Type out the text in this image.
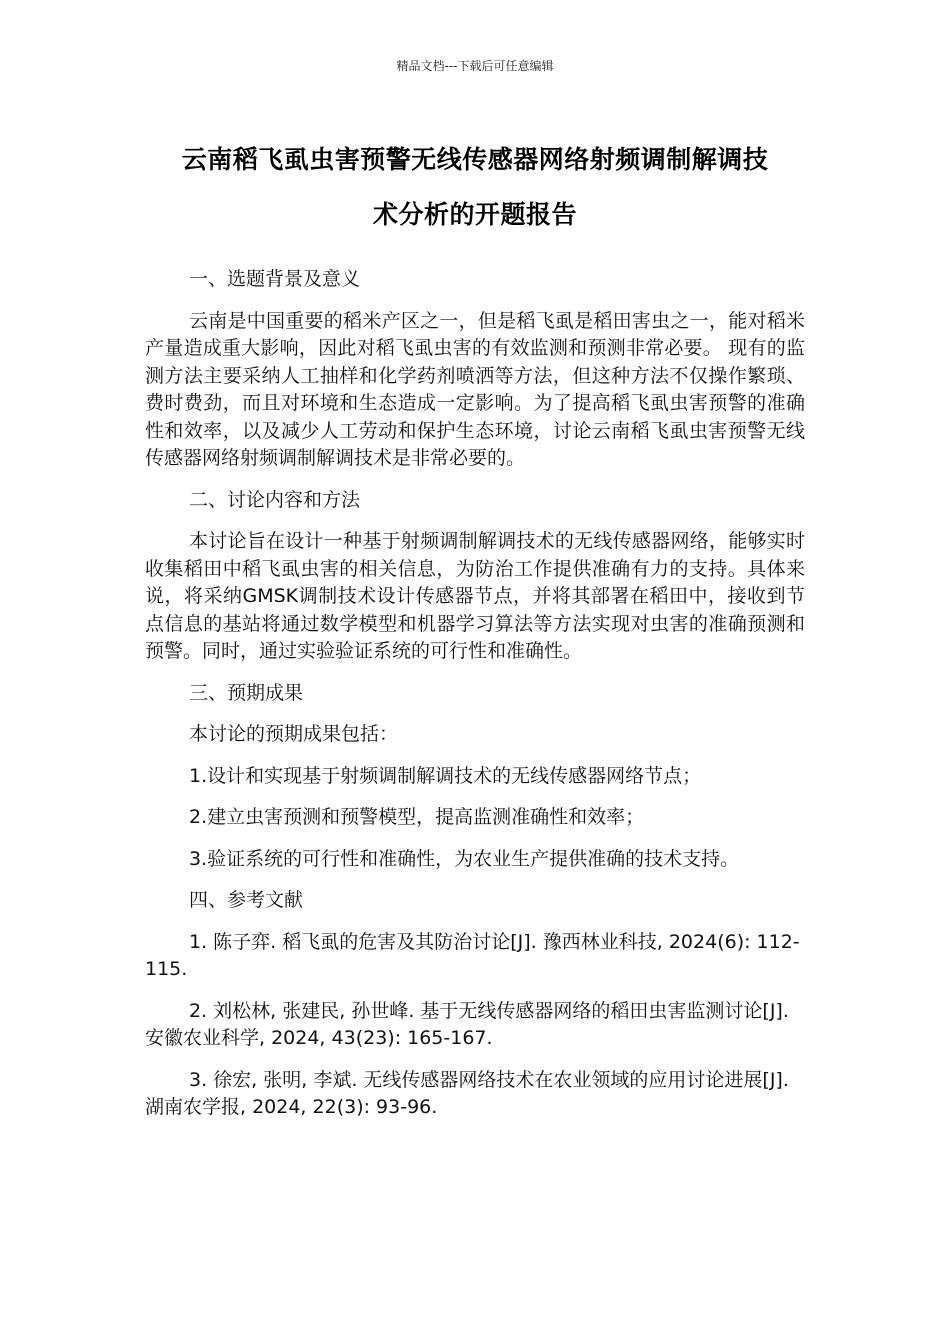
精品文档---下载后可任意编辑
云南稻飞虱虫害预警无线传感器网络射频调制解调技
术分析的开题报告

一、选题背景及意义

云南是中国重要的稻米产区之一，但是稻飞虱是稻田害虫之一，能对稻米产量造成重大影响，因此对稻飞虱虫害的有效监测和预测非常必要。 现有的监测方法主要采纳人工抽样和化学药剂喷洒等方法，但这种方法不仅操作繁琐、费时费劲，而且对环境和生态造成一定影响。为了提高稻飞虱虫害预警的准确性和效率，以及减少人工劳动和保护生态环境，讨论云南稻飞虱虫害预警无线传感器网络射频调制解调技术是非常必要的。

二、讨论内容和方法

本讨论旨在设计一种基于射频调制解调技术的无线传感器网络，能够实时收集稻田中稻飞虱虫害的相关信息，为防治工作提供准确有力的支持。具体来说，将采纳GMSK调制技术设计传感器节点，并将其部署在稻田中，接收到节点信息的基站将通过数学模型和机器学习算法等方法实现对虫害的准确预测和预警。同时，通过实验验证系统的可行性和准确性。

三、预期成果

本讨论的预期成果包括：

1.设计和实现基于射频调制解调技术的无线传感器网络节点；

2.建立虫害预测和预警模型，提高监测准确性和效率；

3.验证系统的可行性和准确性，为农业生产提供准确的技术支持。

四、参考文献

1. 陈子弈. 稻飞虱的危害及其防治讨论[J]. 豫西林业科技, 2024(6): 112-115.

2. 刘松林, 张建民, 孙世峰. 基于无线传感器网络的稻田虫害监测讨论[J]. 安徽农业科学, 2024, 43(23): 165-167.

3. 徐宏, 张明, 李斌. 无线传感器网络技术在农业领域的应用讨论进展[J]. 湖南农学报, 2024, 22(3): 93-96.
